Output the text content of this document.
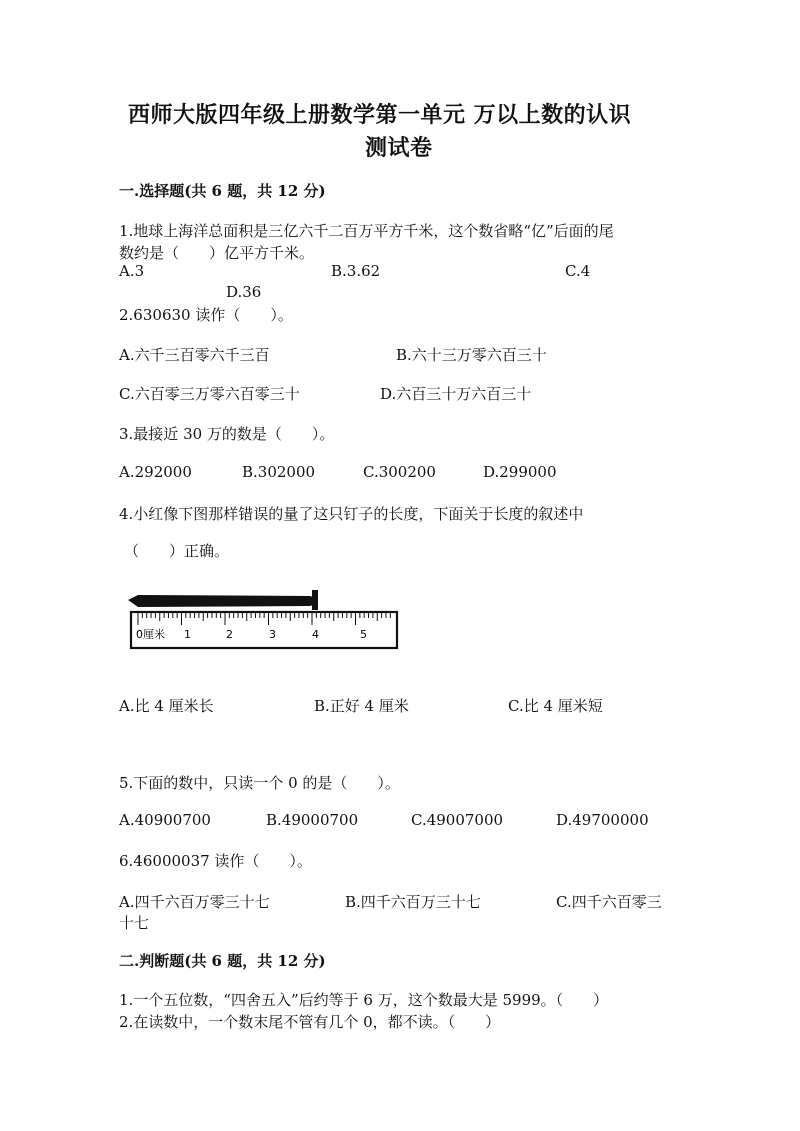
西师大版四年级上册数学第一单元 万以上数的认识
测试卷
一.选择题(共 6 题，共 12 分)
1.地球上海洋总面积是三亿六千二百万平方千米，这个数省略“亿”后面的尾
数约是（　　）亿平方千米。
A.3	B.3.62	C.4
D.36
2.630630 读作（　　）。
A.六千三百零六千三百	B.六十三万零六百三十
C.六百零三万零六百零三十	D.六百三十万六百三十
3.最接近 30 万的数是（　　）。
A.292000	B.302000	C.300200	D.299000
4.小红像下图那样错误的量了这只钉子的长度，下面关于长度的叙述中
（　　）正确。
0厘米 1	2	3	4	5
A.比 4 厘米长	B.正好 4 厘米	C.比 4 厘米短
5.下面的数中，只读一个 0 的是（　　）。
A.40900700	B.49000700	C.49007000	D.49700000
6.46000037 读作（　　）。
A.四千六百万零三十七	B.四千六百万三十七	C.四千六百零三
十七
二.判断题(共 6 题，共 12 分)
1.一个五位数，“四舍五入”后约等于 6 万，这个数最大是 5999。（　　）
2.在读数中，一个数末尾不管有几个 0，都不读。（　　）
